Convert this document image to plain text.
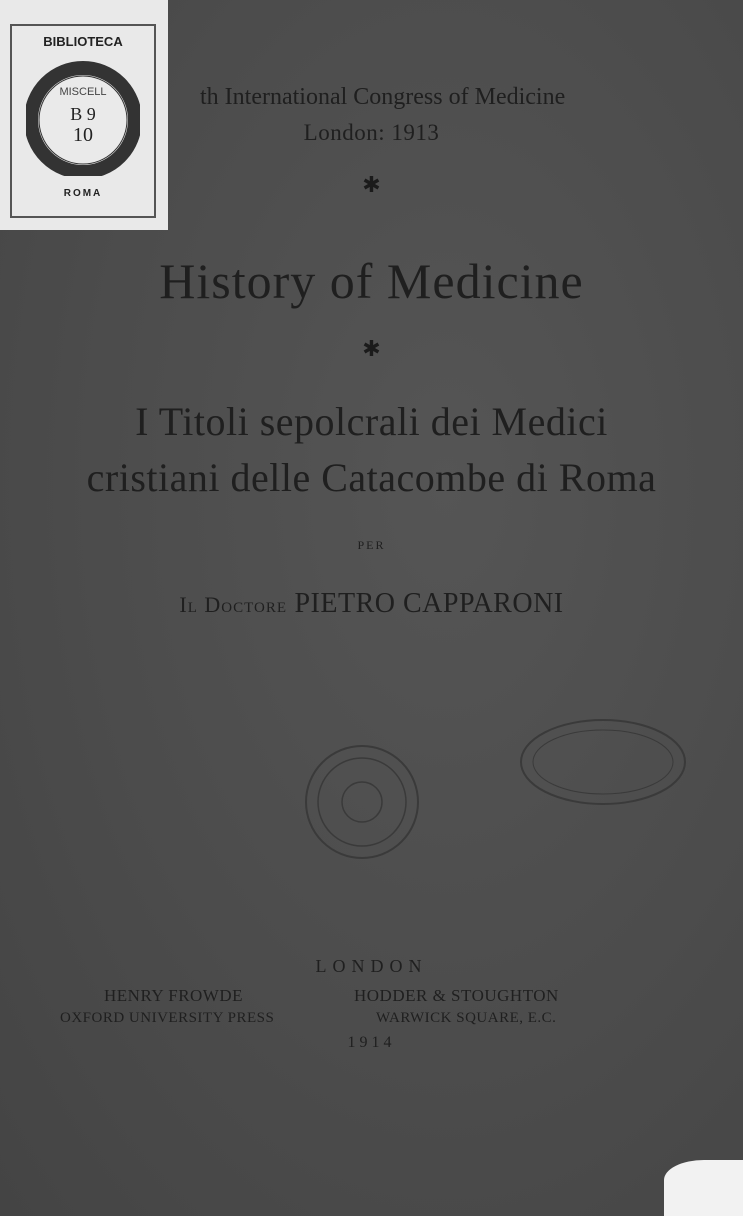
BIBLIOTECA
MISCELL
B 9
10
ROMA
th International Congress of Medicine
London: 1913
✱
History of Medicine
✱
I Titoli sepolcrali dei Medici
cristiani delle Catacombe di Roma
PER
Il Doctore PIETRO CAPPARONI
LONDON
HENRY FROWDE	HODDER & STOUGHTON
OXFORD UNIVERSITY PRESS	WARWICK SQUARE, E.C.
1914
